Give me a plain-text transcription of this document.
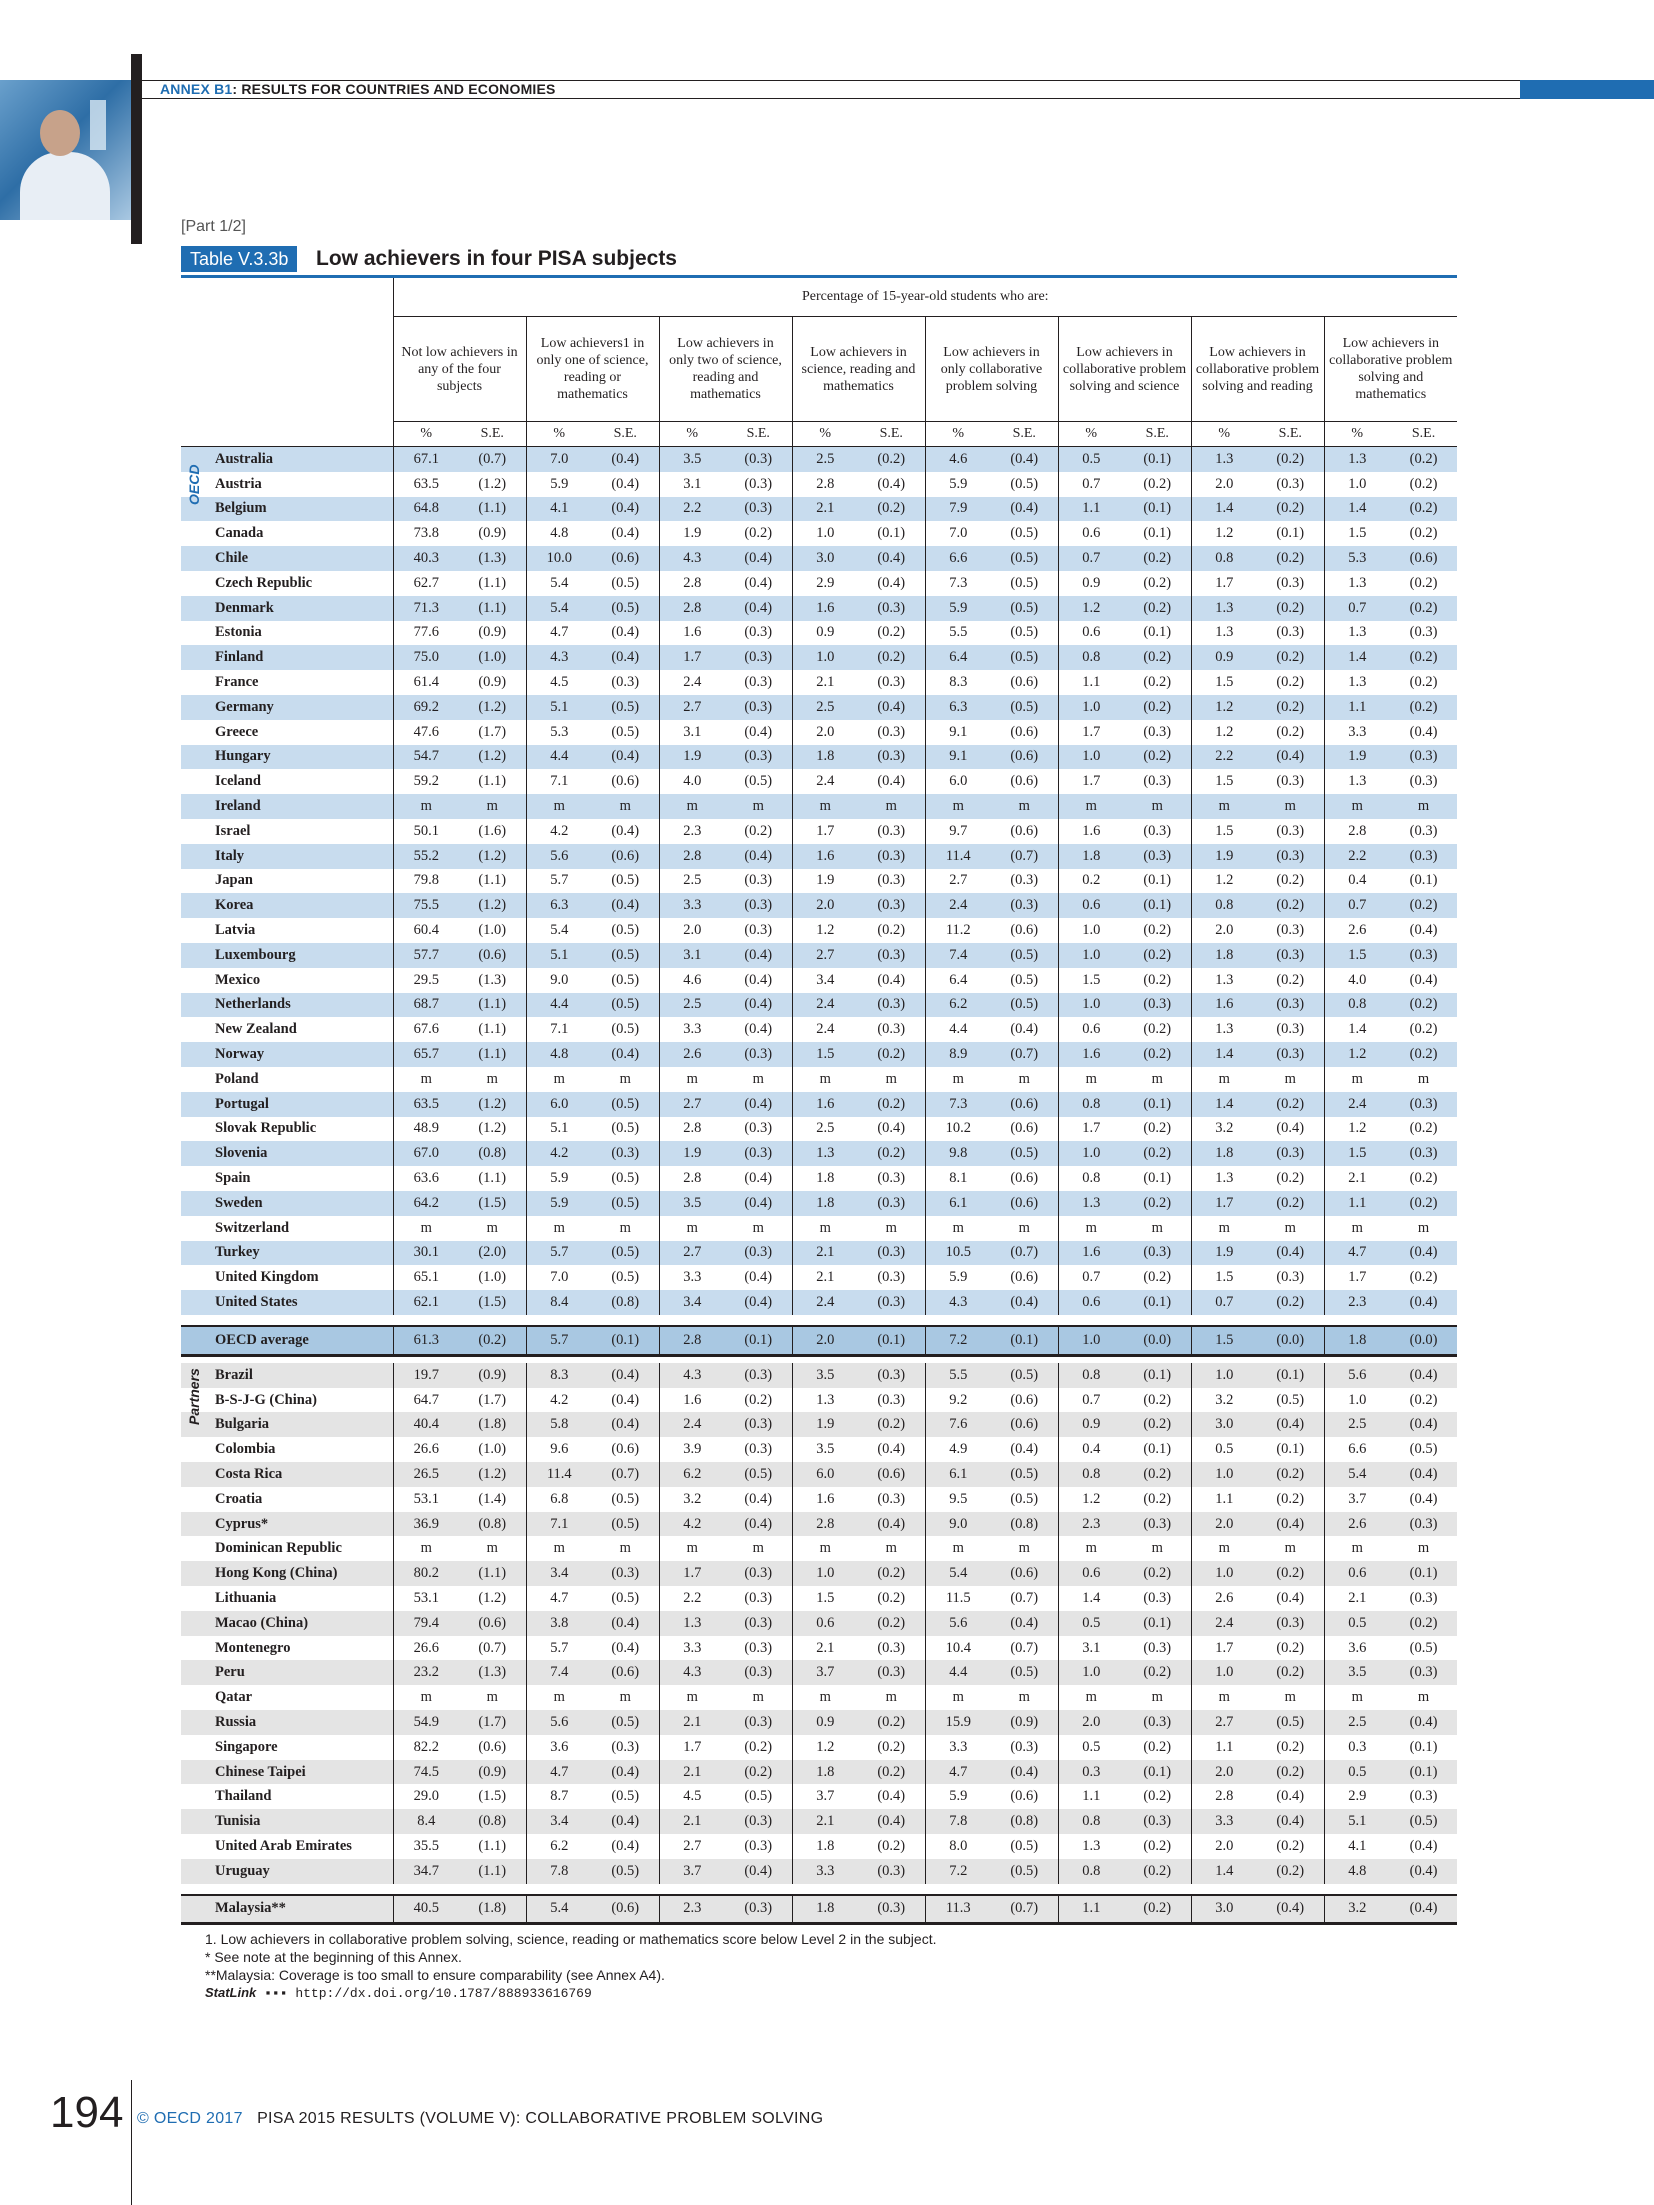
ANNEX B1: RESULTS FOR COUNTRIES AND ECONOMIES
[Part 1/2]
Table V.3.3b	Low achievers in four PISA subjects
	Percentage of 15-year-old students who are:															
	Not low achievers in any of the four subjects		Low achievers1 in only one of science, reading or mathematics		Low achievers in only two of science, reading and mathematics		Low achievers in science, reading and mathematics		Low achievers in only collaborative problem solving		Low achievers in collaborative problem solving and science		Low achievers in collaborative problem solving and reading		Low achievers in collaborative problem solving and mathematics	
	%	S.E.	%	S.E.	%	S.E.	%	S.E.	%	S.E.	%	S.E.	%	S.E.	%	S.E.
Australia	67.1	(0.7)	7.0	(0.4)	3.5	(0.3)	2.5	(0.2)	4.6	(0.4)	0.5	(0.1)	1.3	(0.2)	1.3	(0.2)
Austria	63.5	(1.2)	5.9	(0.4)	3.1	(0.3)	2.8	(0.4)	5.9	(0.5)	0.7	(0.2)	2.0	(0.3)	1.0	(0.2)
Belgium	64.8	(1.1)	4.1	(0.4)	2.2	(0.3)	2.1	(0.2)	7.9	(0.4)	1.1	(0.1)	1.4	(0.2)	1.4	(0.2)
Canada	73.8	(0.9)	4.8	(0.4)	1.9	(0.2)	1.0	(0.1)	7.0	(0.5)	0.6	(0.1)	1.2	(0.1)	1.5	(0.2)
Chile	40.3	(1.3)	10.0	(0.6)	4.3	(0.4)	3.0	(0.4)	6.6	(0.5)	0.7	(0.2)	0.8	(0.2)	5.3	(0.6)
Czech Republic	62.7	(1.1)	5.4	(0.5)	2.8	(0.4)	2.9	(0.4)	7.3	(0.5)	0.9	(0.2)	1.7	(0.3)	1.3	(0.2)
Denmark	71.3	(1.1)	5.4	(0.5)	2.8	(0.4)	1.6	(0.3)	5.9	(0.5)	1.2	(0.2)	1.3	(0.2)	0.7	(0.2)
Estonia	77.6	(0.9)	4.7	(0.4)	1.6	(0.3)	0.9	(0.2)	5.5	(0.5)	0.6	(0.1)	1.3	(0.3)	1.3	(0.3)
Finland	75.0	(1.0)	4.3	(0.4)	1.7	(0.3)	1.0	(0.2)	6.4	(0.5)	0.8	(0.2)	0.9	(0.2)	1.4	(0.2)
France	61.4	(0.9)	4.5	(0.3)	2.4	(0.3)	2.1	(0.3)	8.3	(0.6)	1.1	(0.2)	1.5	(0.2)	1.3	(0.2)
Germany	69.2	(1.2)	5.1	(0.5)	2.7	(0.3)	2.5	(0.4)	6.3	(0.5)	1.0	(0.2)	1.2	(0.2)	1.1	(0.2)
Greece	47.6	(1.7)	5.3	(0.5)	3.1	(0.4)	2.0	(0.3)	9.1	(0.6)	1.7	(0.3)	1.2	(0.2)	3.3	(0.4)
Hungary	54.7	(1.2)	4.4	(0.4)	1.9	(0.3)	1.8	(0.3)	9.1	(0.6)	1.0	(0.2)	2.2	(0.4)	1.9	(0.3)
Iceland	59.2	(1.1)	7.1	(0.6)	4.0	(0.5)	2.4	(0.4)	6.0	(0.6)	1.7	(0.3)	1.5	(0.3)	1.3	(0.3)
Ireland	m	m	m	m	m	m	m	m	m	m	m	m	m	m	m	m
Israel	50.1	(1.6)	4.2	(0.4)	2.3	(0.2)	1.7	(0.3)	9.7	(0.6)	1.6	(0.3)	1.5	(0.3)	2.8	(0.3)
Italy	55.2	(1.2)	5.6	(0.6)	2.8	(0.4)	1.6	(0.3)	11.4	(0.7)	1.8	(0.3)	1.9	(0.3)	2.2	(0.3)
Japan	79.8	(1.1)	5.7	(0.5)	2.5	(0.3)	1.9	(0.3)	2.7	(0.3)	0.2	(0.1)	1.2	(0.2)	0.4	(0.1)
Korea	75.5	(1.2)	6.3	(0.4)	3.3	(0.3)	2.0	(0.3)	2.4	(0.3)	0.6	(0.1)	0.8	(0.2)	0.7	(0.2)
Latvia	60.4	(1.0)	5.4	(0.5)	2.0	(0.3)	1.2	(0.2)	11.2	(0.6)	1.0	(0.2)	2.0	(0.3)	2.6	(0.4)
Luxembourg	57.7	(0.6)	5.1	(0.5)	3.1	(0.4)	2.7	(0.3)	7.4	(0.5)	1.0	(0.2)	1.8	(0.3)	1.5	(0.3)
Mexico	29.5	(1.3)	9.0	(0.5)	4.6	(0.4)	3.4	(0.4)	6.4	(0.5)	1.5	(0.2)	1.3	(0.2)	4.0	(0.4)
Netherlands	68.7	(1.1)	4.4	(0.5)	2.5	(0.4)	2.4	(0.3)	6.2	(0.5)	1.0	(0.3)	1.6	(0.3)	0.8	(0.2)
New Zealand	67.6	(1.1)	7.1	(0.5)	3.3	(0.4)	2.4	(0.3)	4.4	(0.4)	0.6	(0.2)	1.3	(0.3)	1.4	(0.2)
Norway	65.7	(1.1)	4.8	(0.4)	2.6	(0.3)	1.5	(0.2)	8.9	(0.7)	1.6	(0.2)	1.4	(0.3)	1.2	(0.2)
Poland	m	m	m	m	m	m	m	m	m	m	m	m	m	m	m	m
Portugal	63.5	(1.2)	6.0	(0.5)	2.7	(0.4)	1.6	(0.2)	7.3	(0.6)	0.8	(0.1)	1.4	(0.2)	2.4	(0.3)
Slovak Republic	48.9	(1.2)	5.1	(0.5)	2.8	(0.3)	2.5	(0.4)	10.2	(0.6)	1.7	(0.2)	3.2	(0.4)	1.2	(0.2)
Slovenia	67.0	(0.8)	4.2	(0.3)	1.9	(0.3)	1.3	(0.2)	9.8	(0.5)	1.0	(0.2)	1.8	(0.3)	1.5	(0.3)
Spain	63.6	(1.1)	5.9	(0.5)	2.8	(0.4)	1.8	(0.3)	8.1	(0.6)	0.8	(0.1)	1.3	(0.2)	2.1	(0.2)
Sweden	64.2	(1.5)	5.9	(0.5)	3.5	(0.4)	1.8	(0.3)	6.1	(0.6)	1.3	(0.2)	1.7	(0.2)	1.1	(0.2)
Switzerland	m	m	m	m	m	m	m	m	m	m	m	m	m	m	m	m
Turkey	30.1	(2.0)	5.7	(0.5)	2.7	(0.3)	2.1	(0.3)	10.5	(0.7)	1.6	(0.3)	1.9	(0.4)	4.7	(0.4)
United Kingdom	65.1	(1.0)	7.0	(0.5)	3.3	(0.4)	2.1	(0.3)	5.9	(0.6)	0.7	(0.2)	1.5	(0.3)	1.7	(0.2)
United States	62.1	(1.5)	8.4	(0.8)	3.4	(0.4)	2.4	(0.3)	4.3	(0.4)	0.6	(0.1)	0.7	(0.2)	2.3	(0.4)

OECD average	61.3	(0.2)	5.7	(0.1)	2.8	(0.1)	2.0	(0.1)	7.2	(0.1)	1.0	(0.0)	1.5	(0.0)	1.8	(0.0)

Brazil	19.7	(0.9)	8.3	(0.4)	4.3	(0.3)	3.5	(0.3)	5.5	(0.5)	0.8	(0.1)	1.0	(0.1)	5.6	(0.4)
B-S-J-G (China)	64.7	(1.7)	4.2	(0.4)	1.6	(0.2)	1.3	(0.3)	9.2	(0.6)	0.7	(0.2)	3.2	(0.5)	1.0	(0.2)
Bulgaria	40.4	(1.8)	5.8	(0.4)	2.4	(0.3)	1.9	(0.2)	7.6	(0.6)	0.9	(0.2)	3.0	(0.4)	2.5	(0.4)
Colombia	26.6	(1.0)	9.6	(0.6)	3.9	(0.3)	3.5	(0.4)	4.9	(0.4)	0.4	(0.1)	0.5	(0.1)	6.6	(0.5)
Costa Rica	26.5	(1.2)	11.4	(0.7)	6.2	(0.5)	6.0	(0.6)	6.1	(0.5)	0.8	(0.2)	1.0	(0.2)	5.4	(0.4)
Croatia	53.1	(1.4)	6.8	(0.5)	3.2	(0.4)	1.6	(0.3)	9.5	(0.5)	1.2	(0.2)	1.1	(0.2)	3.7	(0.4)
Cyprus*	36.9	(0.8)	7.1	(0.5)	4.2	(0.4)	2.8	(0.4)	9.0	(0.8)	2.3	(0.3)	2.0	(0.4)	2.6	(0.3)
Dominican Republic	m	m	m	m	m	m	m	m	m	m	m	m	m	m	m	m
Hong Kong (China)	80.2	(1.1)	3.4	(0.3)	1.7	(0.3)	1.0	(0.2)	5.4	(0.6)	0.6	(0.2)	1.0	(0.2)	0.6	(0.1)
Lithuania	53.1	(1.2)	4.7	(0.5)	2.2	(0.3)	1.5	(0.2)	11.5	(0.7)	1.4	(0.3)	2.6	(0.4)	2.1	(0.3)
Macao (China)	79.4	(0.6)	3.8	(0.4)	1.3	(0.3)	0.6	(0.2)	5.6	(0.4)	0.5	(0.1)	2.4	(0.3)	0.5	(0.2)
Montenegro	26.6	(0.7)	5.7	(0.4)	3.3	(0.3)	2.1	(0.3)	10.4	(0.7)	3.1	(0.3)	1.7	(0.2)	3.6	(0.5)
Peru	23.2	(1.3)	7.4	(0.6)	4.3	(0.3)	3.7	(0.3)	4.4	(0.5)	1.0	(0.2)	1.0	(0.2)	3.5	(0.3)
Qatar	m	m	m	m	m	m	m	m	m	m	m	m	m	m	m	m
Russia	54.9	(1.7)	5.6	(0.5)	2.1	(0.3)	0.9	(0.2)	15.9	(0.9)	2.0	(0.3)	2.7	(0.5)	2.5	(0.4)
Singapore	82.2	(0.6)	3.6	(0.3)	1.7	(0.2)	1.2	(0.2)	3.3	(0.3)	0.5	(0.2)	1.1	(0.2)	0.3	(0.1)
Chinese Taipei	74.5	(0.9)	4.7	(0.4)	2.1	(0.2)	1.8	(0.2)	4.7	(0.4)	0.3	(0.1)	2.0	(0.2)	0.5	(0.1)
Thailand	29.0	(1.5)	8.7	(0.5)	4.5	(0.5)	3.7	(0.4)	5.9	(0.6)	1.1	(0.2)	2.8	(0.4)	2.9	(0.3)
Tunisia	8.4	(0.8)	3.4	(0.4)	2.1	(0.3)	2.1	(0.4)	7.8	(0.8)	0.8	(0.3)	3.3	(0.4)	5.1	(0.5)
United Arab Emirates	35.5	(1.1)	6.2	(0.4)	2.7	(0.3)	1.8	(0.2)	8.0	(0.5)	1.3	(0.2)	2.0	(0.2)	4.1	(0.4)
Uruguay	34.7	(1.1)	7.8	(0.5)	3.7	(0.4)	3.3	(0.3)	7.2	(0.5)	0.8	(0.2)	1.4	(0.2)	4.8	(0.4)

Malaysia**	40.5	(1.8)	5.4	(0.6)	2.3	(0.3)	1.8	(0.3)	11.3	(0.7)	1.1	(0.2)	3.0	(0.4)	3.2	(0.4)
OECD
Partners
1. Low achievers in collaborative problem solving, science, reading or mathematics score below Level 2 in the subject.
* See note at the beginning of this Annex.
**Malaysia: Coverage is too small to ensure comparability (see Annex A4).
StatLink ▪▪▪ http://dx.doi.org/10.1787/888933616769
194 © OECD 2017 PISA 2015 RESULTS (VOLUME V): COLLABORATIVE PROBLEM SOLVING
